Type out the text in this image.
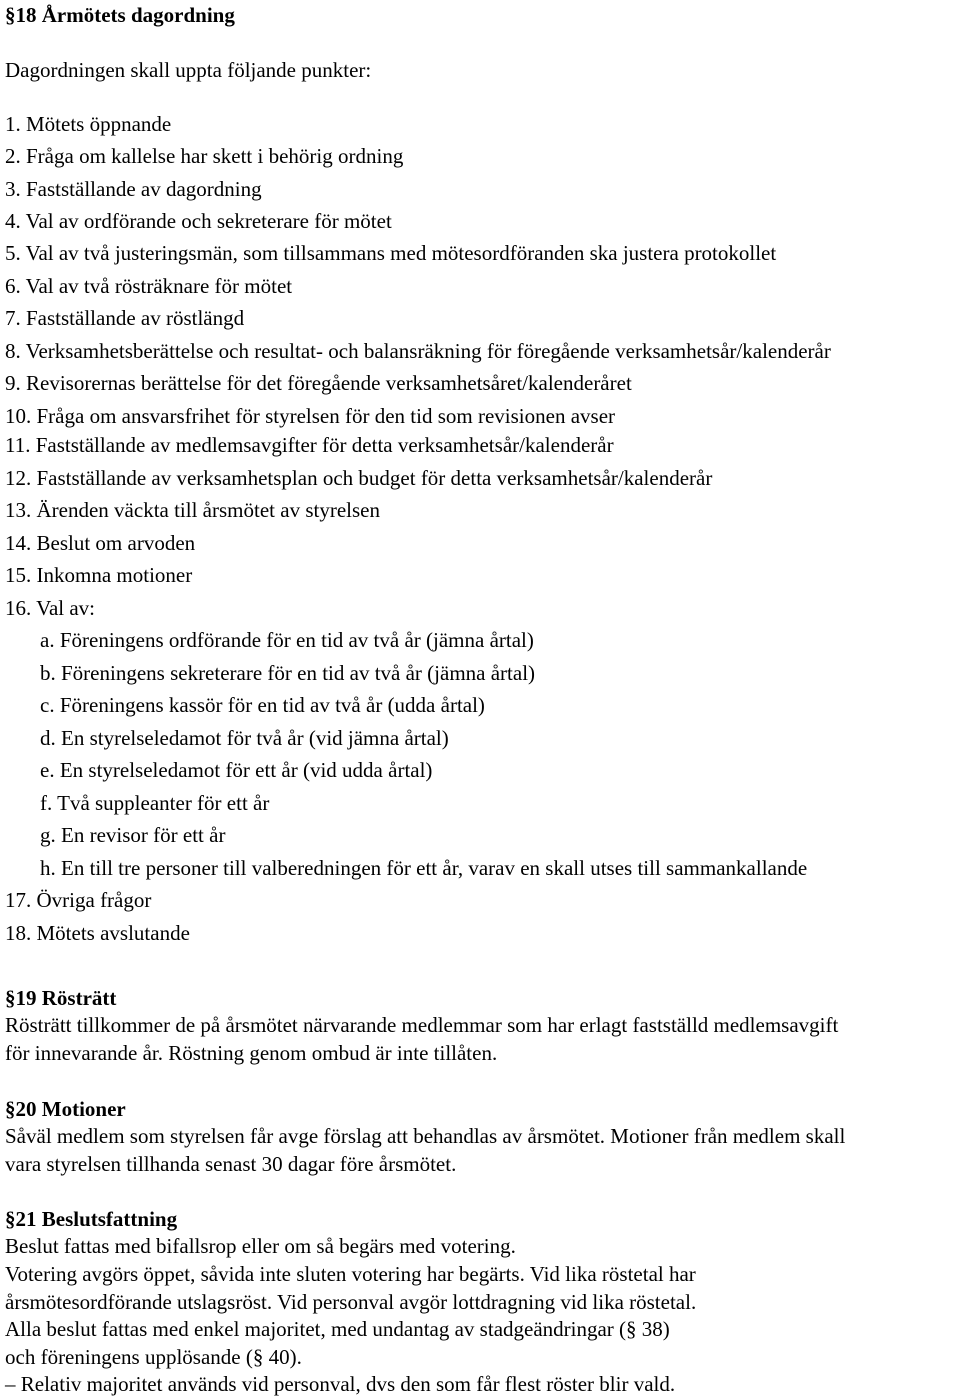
§18 Årmötets dagordning
Dagordningen skall uppta följande punkter:
1. Mötets öppnande
2. Fråga om kallelse har skett i behörig ordning
3. Fastställande av dagordning
4. Val av ordförande och sekreterare för mötet
5. Val av två justeringsmän, som tillsammans med mötesordföranden ska justera protokollet
6. Val av två rösträknare för mötet
7. Fastställande av röstlängd
8. Verksamhetsberättelse och resultat- och balansräkning för föregående verksamhetsår/kalenderår
9. Revisorernas berättelse för det föregående verksamhetsåret/kalenderåret
10. Fråga om ansvarsfrihet för styrelsen för den tid som revisionen avser
11. Fastställande av medlemsavgifter för detta verksamhetsår/kalenderår
12. Fastställande av verksamhetsplan och budget för detta verksamhetsår/kalenderår
13. Ärenden väckta till årsmötet av styrelsen
14. Beslut om arvoden
15. Inkomna motioner
16. Val av:
a. Föreningens ordförande för en tid av två år (jämna årtal)
b. Föreningens sekreterare för en tid av två år (jämna årtal)
c. Föreningens kassör för en tid av två år (udda årtal)
d. En styrelseledamot för två år (vid jämna årtal)
e. En styrelseledamot för ett år (vid udda årtal)
f. Två suppleanter för ett år
g. En revisor för ett år
h. En till tre personer till valberedningen för ett år, varav en skall utses till sammankallande
17. Övriga frågor
18. Mötets avslutande
§19 Rösträtt
Rösträtt tillkommer de på årsmötet närvarande medlemmar som har erlagt fastställd medlemsavgift
för innevarande år. Röstning genom ombud är inte tillåten.
§20 Motioner
Såväl medlem som styrelsen får avge förslag att behandlas av årsmötet. Motioner från medlem skall
vara styrelsen tillhanda senast 30 dagar före årsmötet.
§21 Beslutsfattning
Beslut fattas med bifallsrop eller om så begärs med votering.
Votering avgörs öppet, såvida inte sluten votering har begärts. Vid lika röstetal har
årsmötesordförande utslagsröst. Vid personval avgör lottdragning vid lika röstetal.
Alla beslut fattas med enkel majoritet, med undantag av stadgeändringar (§ 38)
och föreningens upplösande (§ 40).
– Relativ majoritet används vid personval, dvs den som får flest röster blir vald.
